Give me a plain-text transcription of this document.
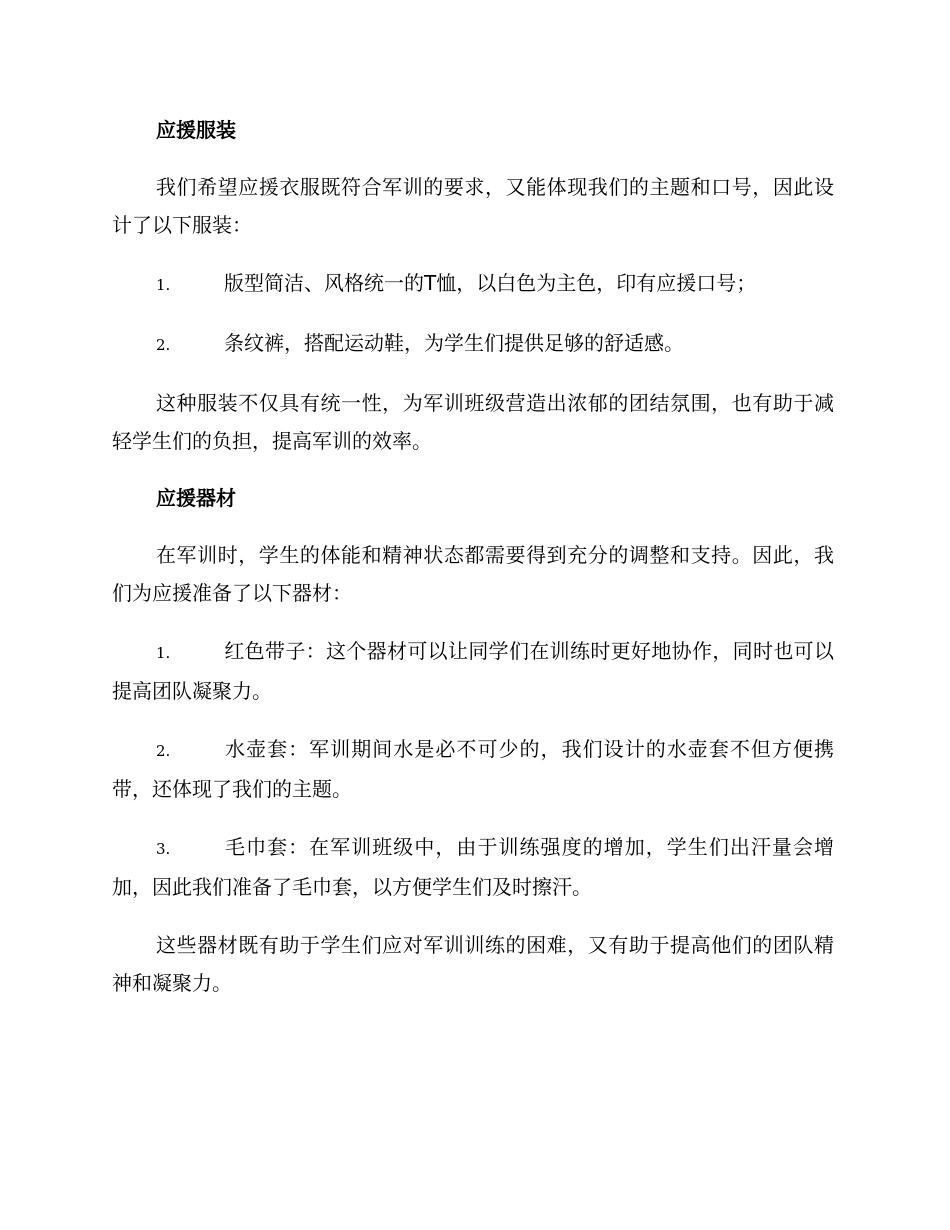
应援服装

我们希望应援衣服既符合军训的要求，又能体现我们的主题和口号，因此设计了以下服装：

1.	版型简洁、风格统一的T恤，以白色为主色，印有应援口号；

2.	条纹裤，搭配运动鞋，为学生们提供足够的舒适感。

这种服装不仅具有统一性，为军训班级营造出浓郁的团结氛围，也有助于减轻学生们的负担，提高军训的效率。

应援器材

在军训时，学生的体能和精神状态都需要得到充分的调整和支持。因此，我们为应援准备了以下器材：

1.	红色带子：这个器材可以让同学们在训练时更好地协作，同时也可以提高团队凝聚力。

2.	水壶套：军训期间水是必不可少的，我们设计的水壶套不但方便携带，还体现了我们的主题。

3.	毛巾套：在军训班级中，由于训练强度的增加，学生们出汗量会增加，因此我们准备了毛巾套，以方便学生们及时擦汗。

这些器材既有助于学生们应对军训训练的困难，又有助于提高他们的团队精神和凝聚力。
